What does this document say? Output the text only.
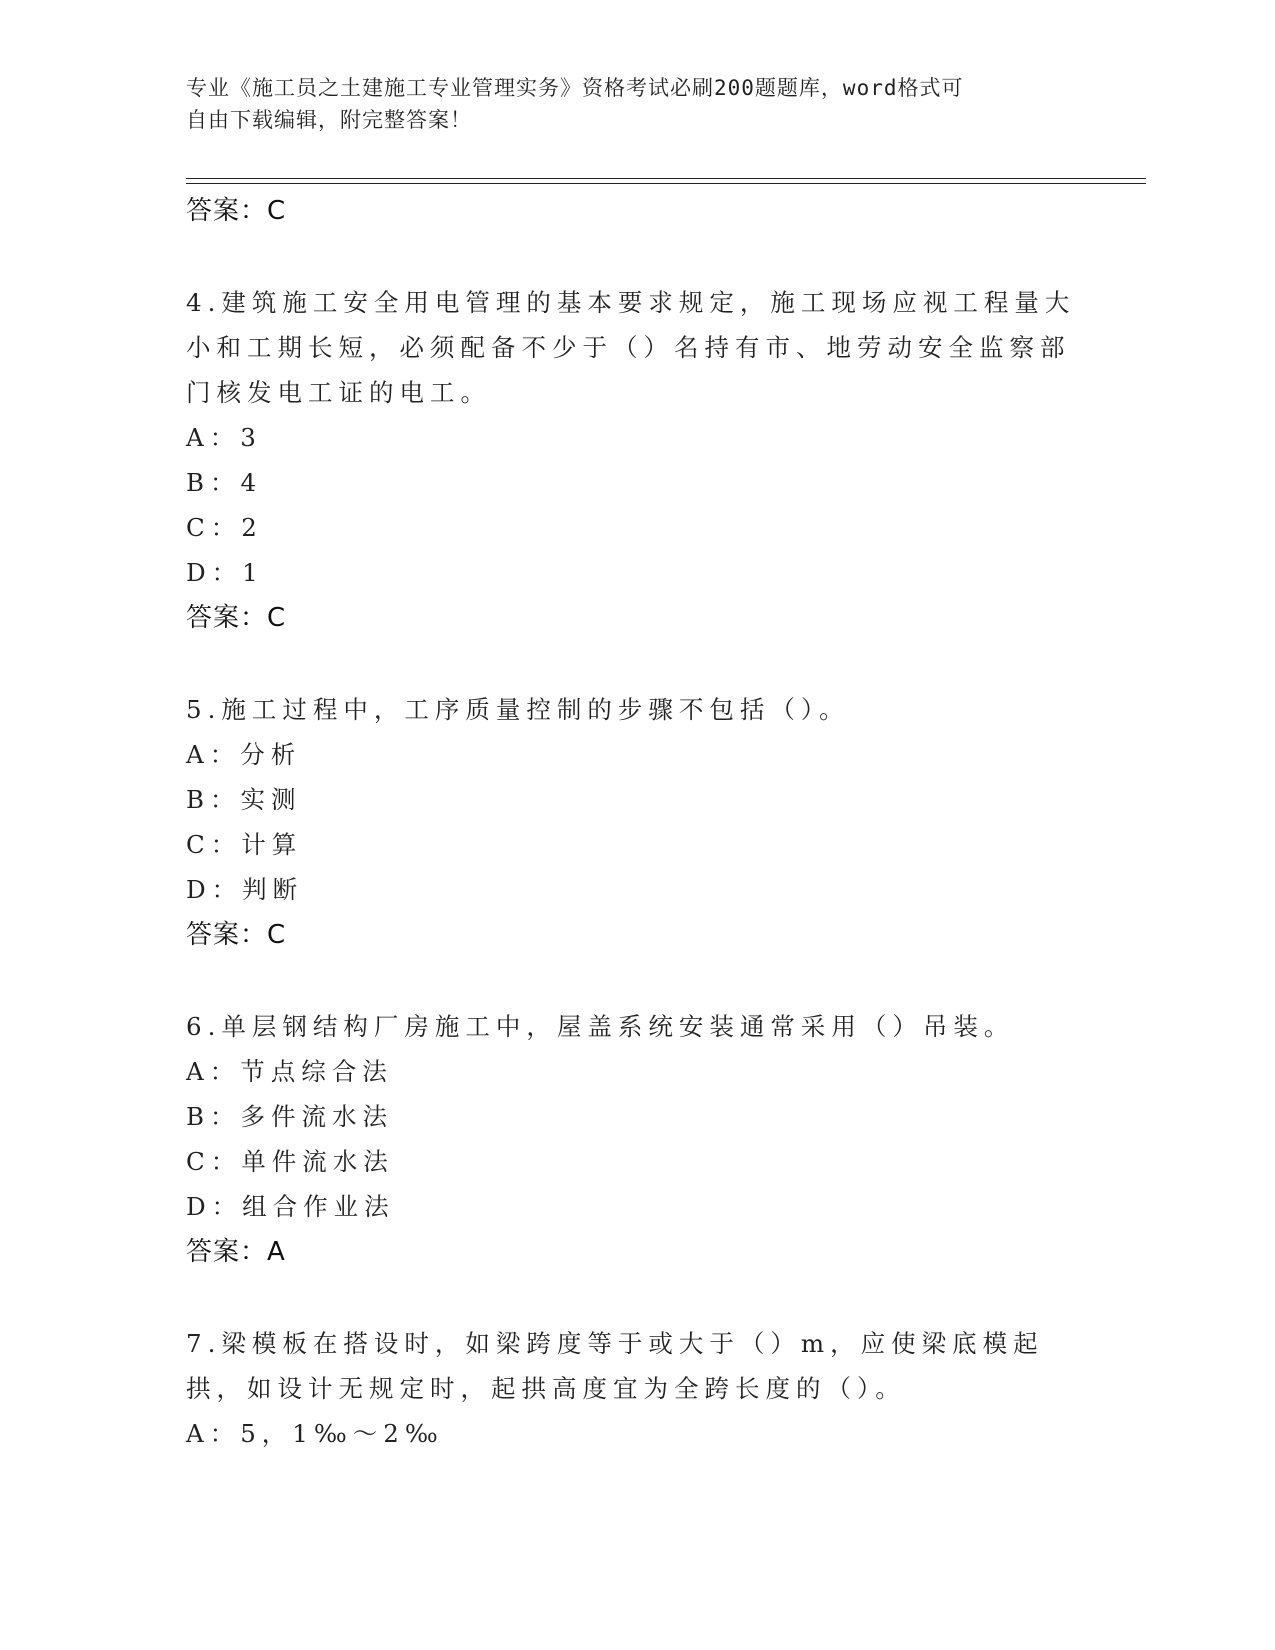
专业《施工员之土建施工专业管理实务》资格考试必刷200题题库，word格式可
自由下载编辑，附完整答案！
答案：C

4.建筑施工安全用电管理的基本要求规定，施工现场应视工程量大小和工期长短，必须配备不少于（）名持有市、地劳动安全监察部门核发电工证的电工。

A：3
B：4
C：2
D：1
答案：C

5.施工过程中，工序质量控制的步骤不包括（）。

A：分析
B：实测
C：计算
D：判断
答案：C

6.单层钢结构厂房施工中，屋盖系统安装通常采用（）吊装。

A：节点综合法
B：多件流水法
C：单件流水法
D：组合作业法
答案：A

7.梁模板在搭设时，如梁跨度等于或大于（）m，应使梁底模起拱，如设计无规定时，起拱高度宜为全跨长度的（）。

A：5，1‰～2‰
